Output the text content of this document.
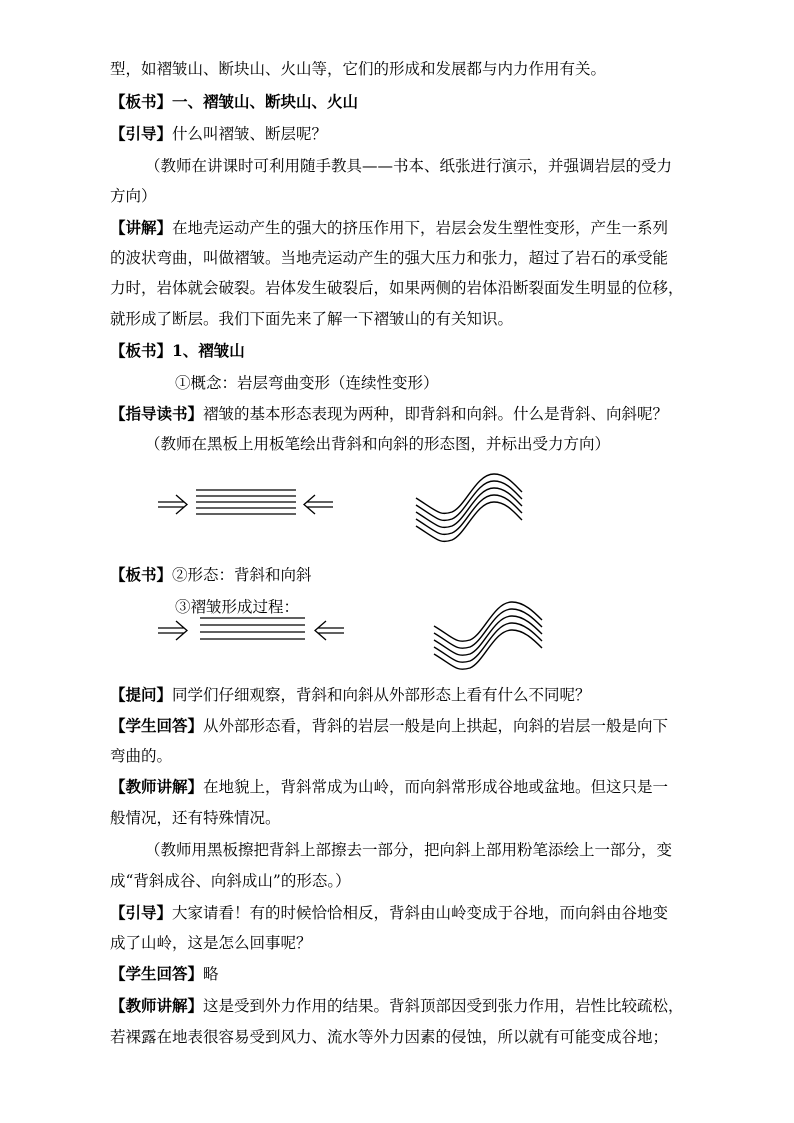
型，如褶皱山、断块山、火山等，它们的形成和发展都与内力作用有关。
【板书】一、褶皱山、断块山、火山
【引导】什么叫褶皱、断层呢？
（教师在讲课时可利用随手教具——书本、纸张进行演示，并强调岩层的受力
方向）
【讲解】在地壳运动产生的强大的挤压作用下，岩层会发生塑性变形，产生一系列
的波状弯曲，叫做褶皱。当地壳运动产生的强大压力和张力，超过了岩石的承受能
力时，岩体就会破裂。岩体发生破裂后，如果两侧的岩体沿断裂面发生明显的位移，
就形成了断层。我们下面先来了解一下褶皱山的有关知识。
【板书】1、褶皱山
①概念：岩层弯曲变形（连续性变形）
【指导读书】褶皱的基本形态表现为两种，即背斜和向斜。什么是背斜、向斜呢？
（教师在黑板上用板笔绘出背斜和向斜的形态图，并标出受力方向）
【板书】②形态：背斜和向斜
③褶皱形成过程：
【提问】同学们仔细观察，背斜和向斜从外部形态上看有什么不同呢？
【学生回答】从外部形态看，背斜的岩层一般是向上拱起，向斜的岩层一般是向下
弯曲的。
【教师讲解】在地貌上，背斜常成为山岭，而向斜常形成谷地或盆地。但这只是一
般情况，还有特殊情况。
（教师用黑板擦把背斜上部擦去一部分，把向斜上部用粉笔添绘上一部分，变
成“背斜成谷、向斜成山”的形态。）
【引导】大家请看！有的时候恰恰相反，背斜由山岭变成于谷地，而向斜由谷地变
成了山岭，这是怎么回事呢？
【学生回答】略
【教师讲解】这是受到外力作用的结果。背斜顶部因受到张力作用，岩性比较疏松，
若裸露在地表很容易受到风力、流水等外力因素的侵蚀，所以就有可能变成谷地；
